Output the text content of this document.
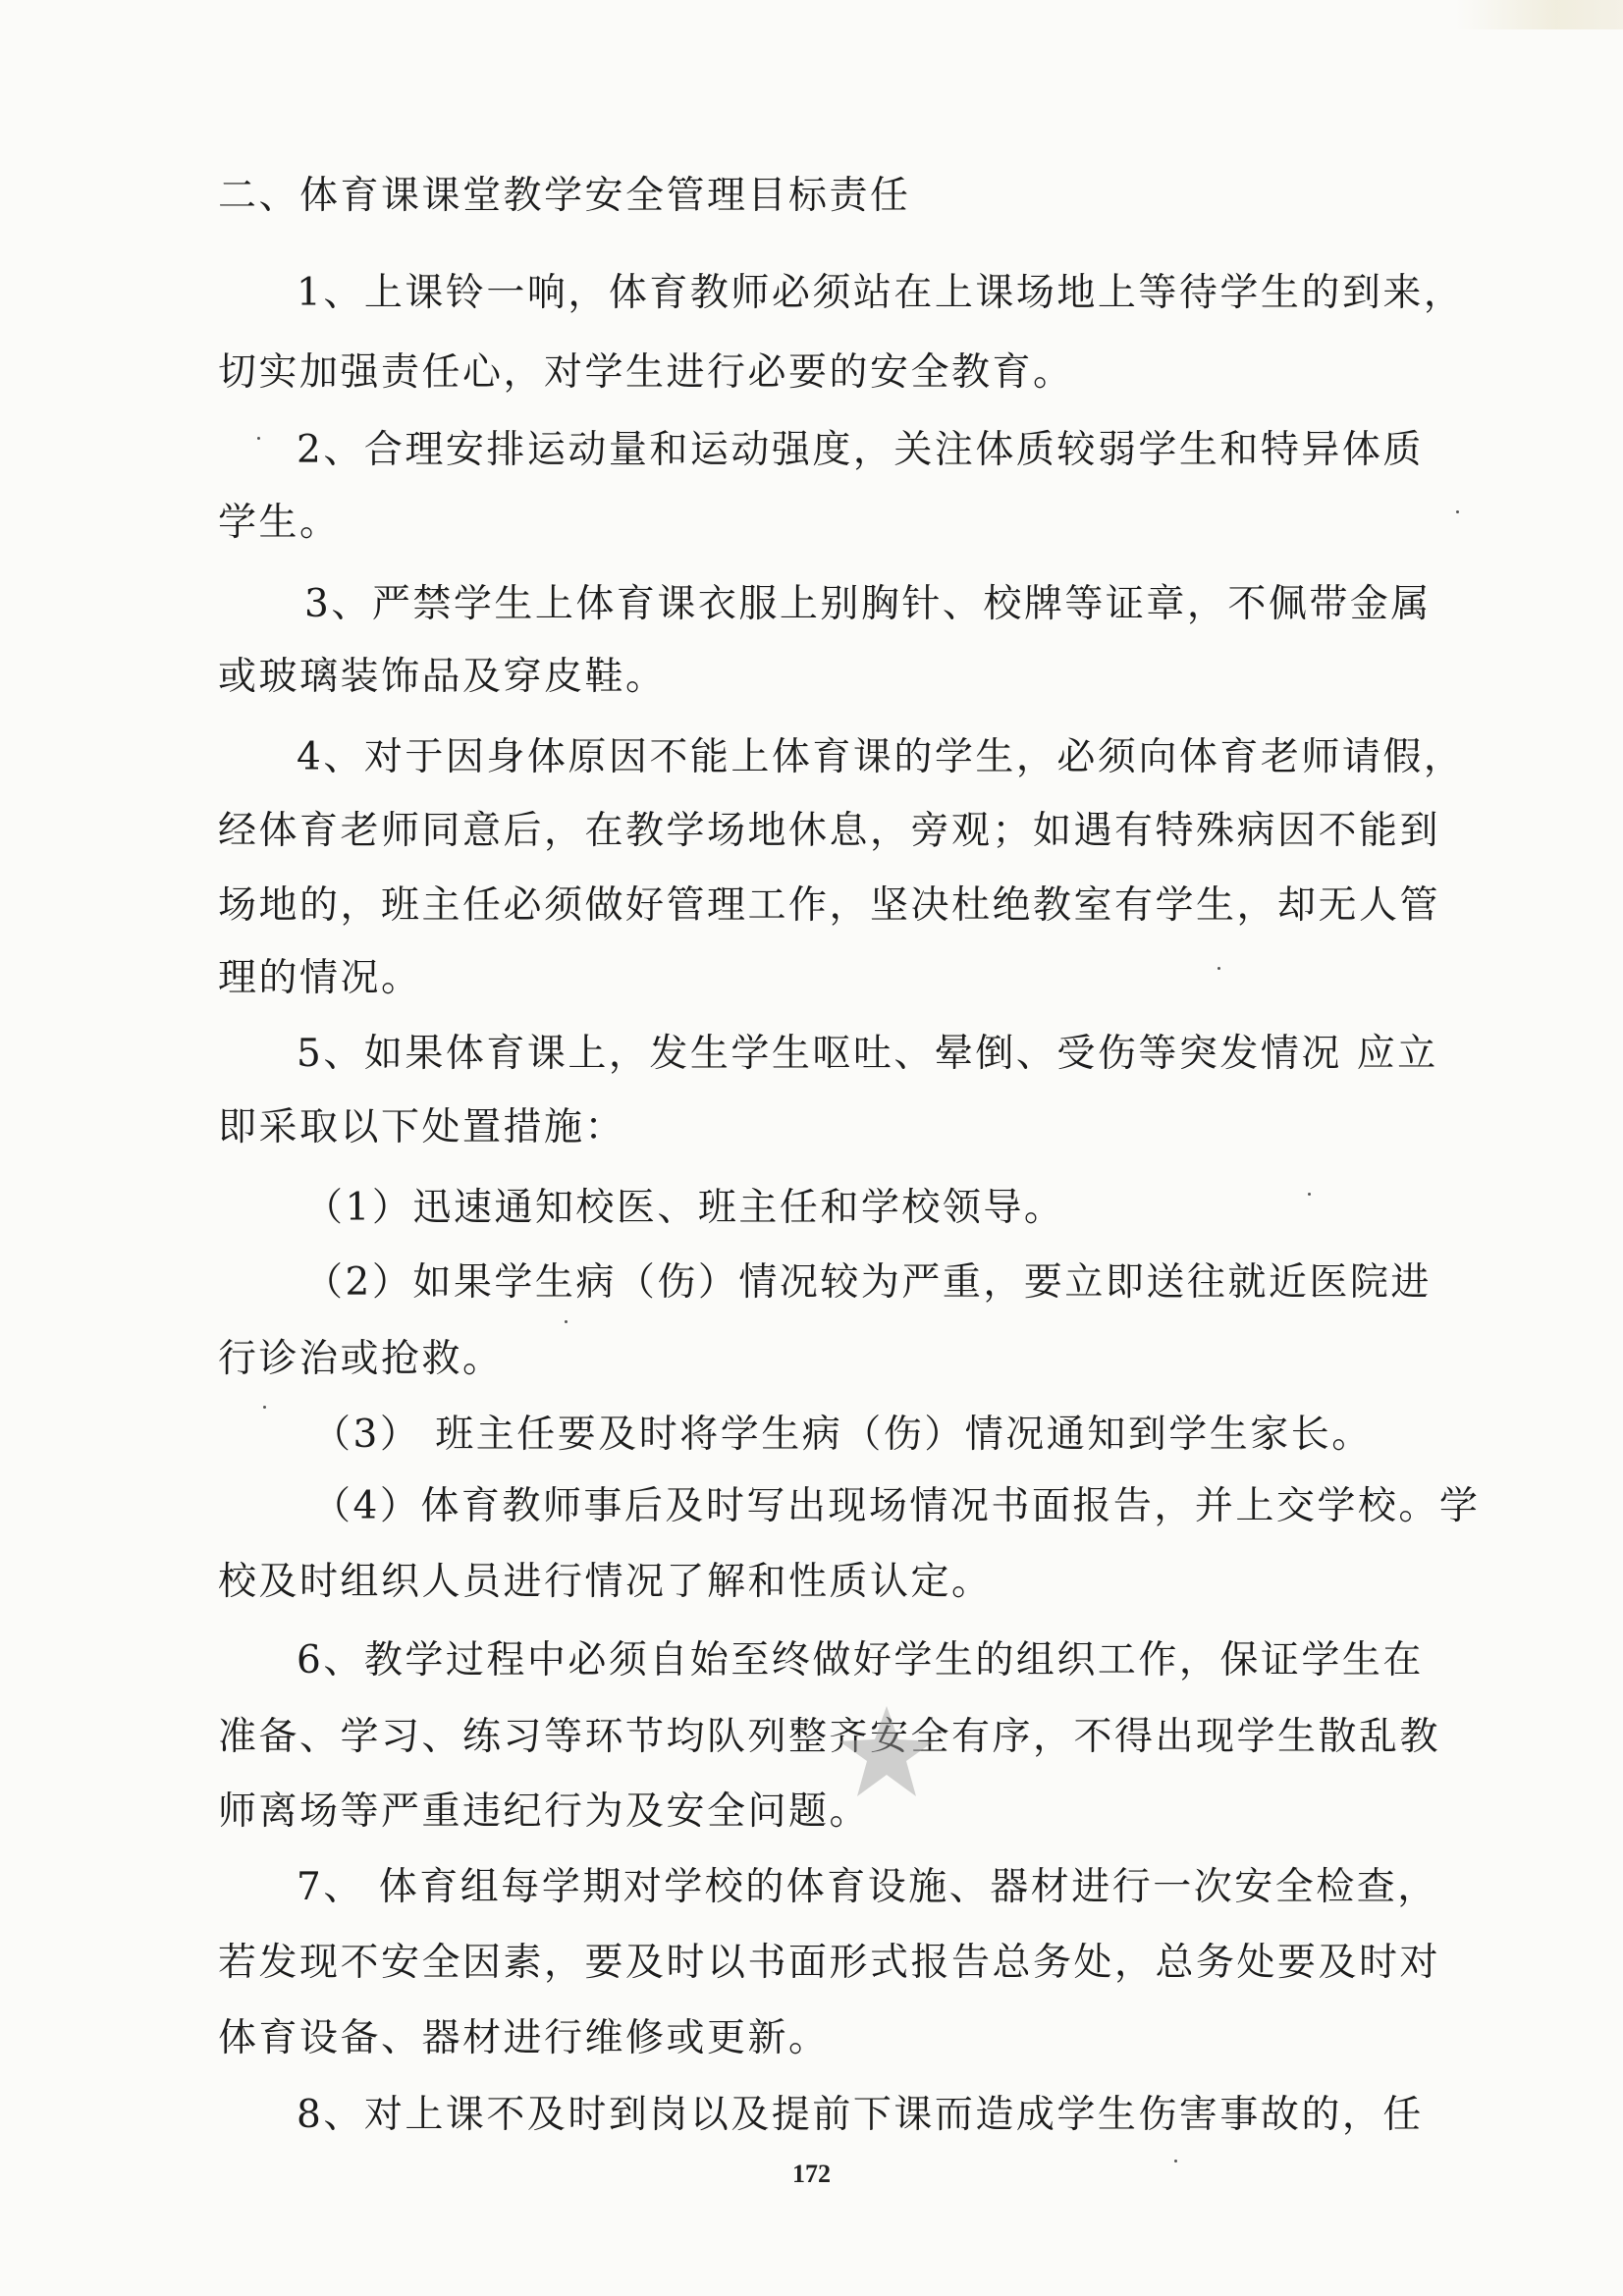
二、体育课课堂教学安全管理目标责任
1、上课铃一响，体育教师必须站在上课场地上等待学生的到来，
切实加强责任心，对学生进行必要的安全教育。
2、合理安排运动量和运动强度，关注体质较弱学生和特异体质
学生。
3、严禁学生上体育课衣服上别胸针、校牌等证章，不佩带金属
或玻璃装饰品及穿皮鞋。
4、对于因身体原因不能上体育课的学生，必须向体育老师请假，
经体育老师同意后，在教学场地休息，旁观；如遇有特殊病因不能到
场地的，班主任必须做好管理工作，坚决杜绝教室有学生，却无人管
理的情况。
5、如果体育课上，发生学生呕吐、晕倒、受伤等突发情况 应立
即采取以下处置措施：
（1）迅速通知校医、班主任和学校领导。
（2）如果学生病（伤）情况较为严重，要立即送往就近医院进
行诊治或抢救。
（3） 班主任要及时将学生病（伤）情况通知到学生家长。
（4）体育教师事后及时写出现场情况书面报告，并上交学校。学
校及时组织人员进行情况了解和性质认定。
6、教学过程中必须自始至终做好学生的组织工作，保证学生在
准备、学习、练习等环节均队列整齐安全有序，不得出现学生散乱教
师离场等严重违纪行为及安全问题。
7、 体育组每学期对学校的体育设施、器材进行一次安全检查，
若发现不安全因素，要及时以书面形式报告总务处，总务处要及时对
体育设备、器材进行维修或更新。
8、对上课不及时到岗以及提前下课而造成学生伤害事故的，任
172
